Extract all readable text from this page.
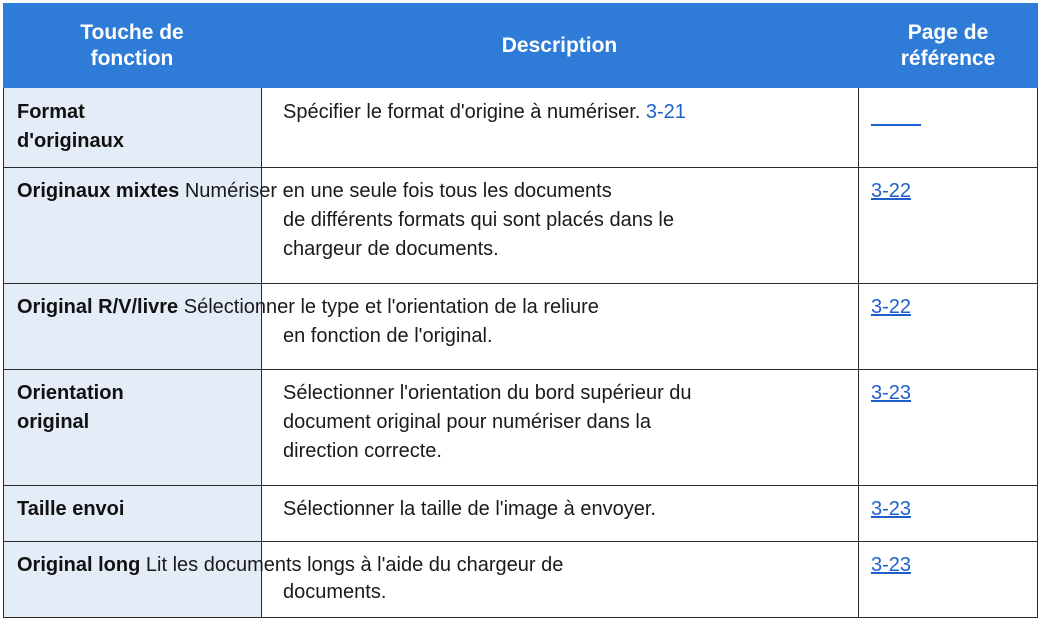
Touche de
fonction
Description
Page de
référence
Format
d'originaux
Spécifier le format d'origine à numériser. 3-21
Originaux mixtes Numériser en une seule fois tous les documents
de différents formats qui sont placés dans le
chargeur de documents.
3-22
Original R/V/livre Sélectionner le type et l'orientation de la reliure
en fonction de l'original.
3-22
Orientation
original
Sélectionner l'orientation du bord supérieur du
document original pour numériser dans la
direction correcte.
3-23
Taille envoi	Sélectionner la taille de l'image à envoyer.	3-23
Original long Lit les documents longs à l'aide du chargeur de
documents.
3-23
